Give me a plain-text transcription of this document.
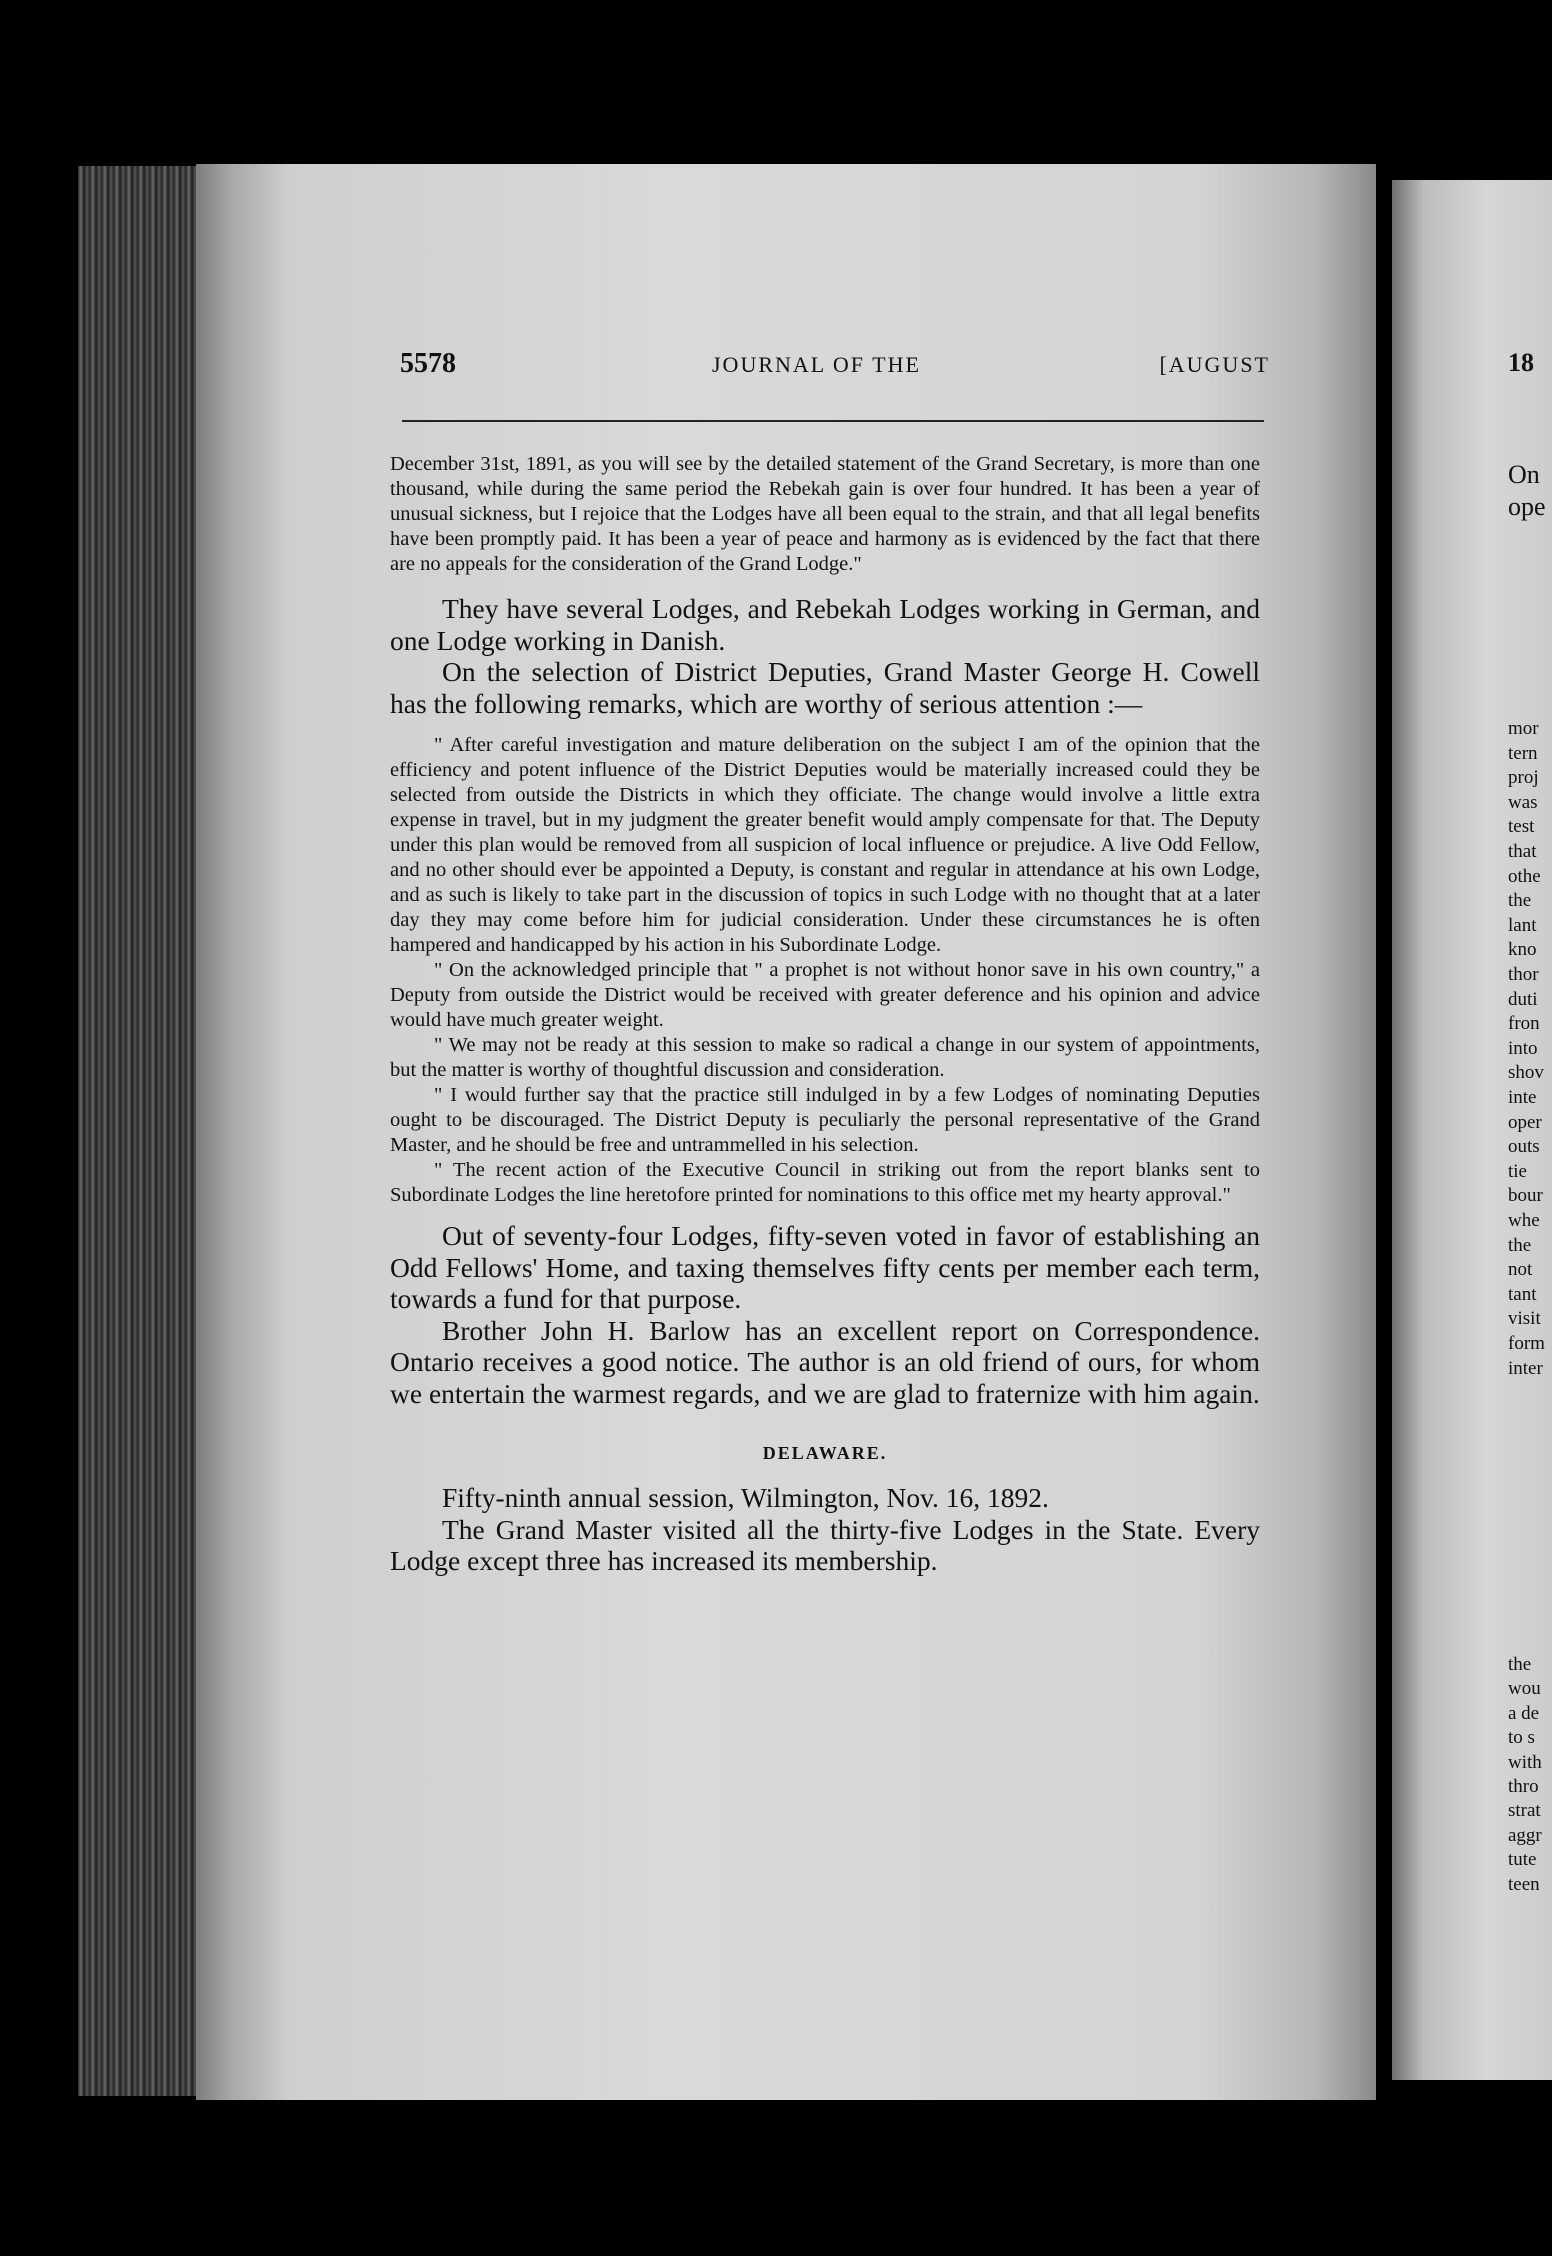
5578	JOURNAL OF THE	[AUGUST

December 31st, 1891, as you will see by the detailed statement of the Grand Secretary, is more than one thousand, while during the same period the Rebekah gain is over four hundred. It has been a year of unusual sickness, but I rejoice that the Lodges have all been equal to the strain, and that all legal benefits have been promptly paid. It has been a year of peace and harmony as is evidenced by the fact that there are no appeals for the consideration of the Grand Lodge."

They have several Lodges, and Rebekah Lodges working in German, and one Lodge working in Danish.

On the selection of District Deputies, Grand Master George H. Cowell has the following remarks, which are worthy of serious attention :—

" After careful investigation and mature deliberation on the subject I am of the opinion that the efficiency and potent influence of the District Deputies would be materially increased could they be selected from outside the Districts in which they officiate. The change would involve a little extra expense in travel, but in my judgment the greater benefit would amply compensate for that. The Deputy under this plan would be removed from all suspicion of local influence or prejudice. A live Odd Fellow, and no other should ever be appointed a Deputy, is constant and regular in attendance at his own Lodge, and as such is likely to take part in the discussion of topics in such Lodge with no thought that at a later day they may come before him for judicial consideration. Under these circumstances he is often hampered and handicapped by his action in his Subordinate Lodge.

" On the acknowledged principle that " a prophet is not without honor save in his own country," a Deputy from outside the District would be received with greater deference and his opinion and advice would have much greater weight.

" We may not be ready at this session to make so radical a change in our system of appointments, but the matter is worthy of thoughtful discussion and consideration.

" I would further say that the practice still indulged in by a few Lodges of nominating Deputies ought to be discouraged. The District Deputy is peculiarly the personal representative of the Grand Master, and he should be free and untrammelled in his selection.

" The recent action of the Executive Council in striking out from the report blanks sent to Subordinate Lodges the line heretofore printed for nominations to this office met my hearty approval."

Out of seventy-four Lodges, fifty-seven voted in favor of establishing an Odd Fellows' Home, and taxing themselves fifty cents per member each term, towards a fund for that purpose.

Brother John H. Barlow has an excellent report on Correspondence. Ontario receives a good notice. The author is an old friend of ours, for whom we entertain the warmest regards, and we are glad to fraternize with him again.

DELAWARE.

Fifty-ninth annual session, Wilmington, Nov. 16, 1892.

The Grand Master visited all the thirty-five Lodges in the State. Every Lodge except three has increased its membership.

18
On
ope
mor
tern
proj
was
test
that
othe
the
lant
kno
thor
duti
fron
into
shov
inte
oper
outs
tie
bour
whe
the
not
tant
visit
form
inter
the
wou
a de
to s
with
thro
strat
aggr
tute
teen
